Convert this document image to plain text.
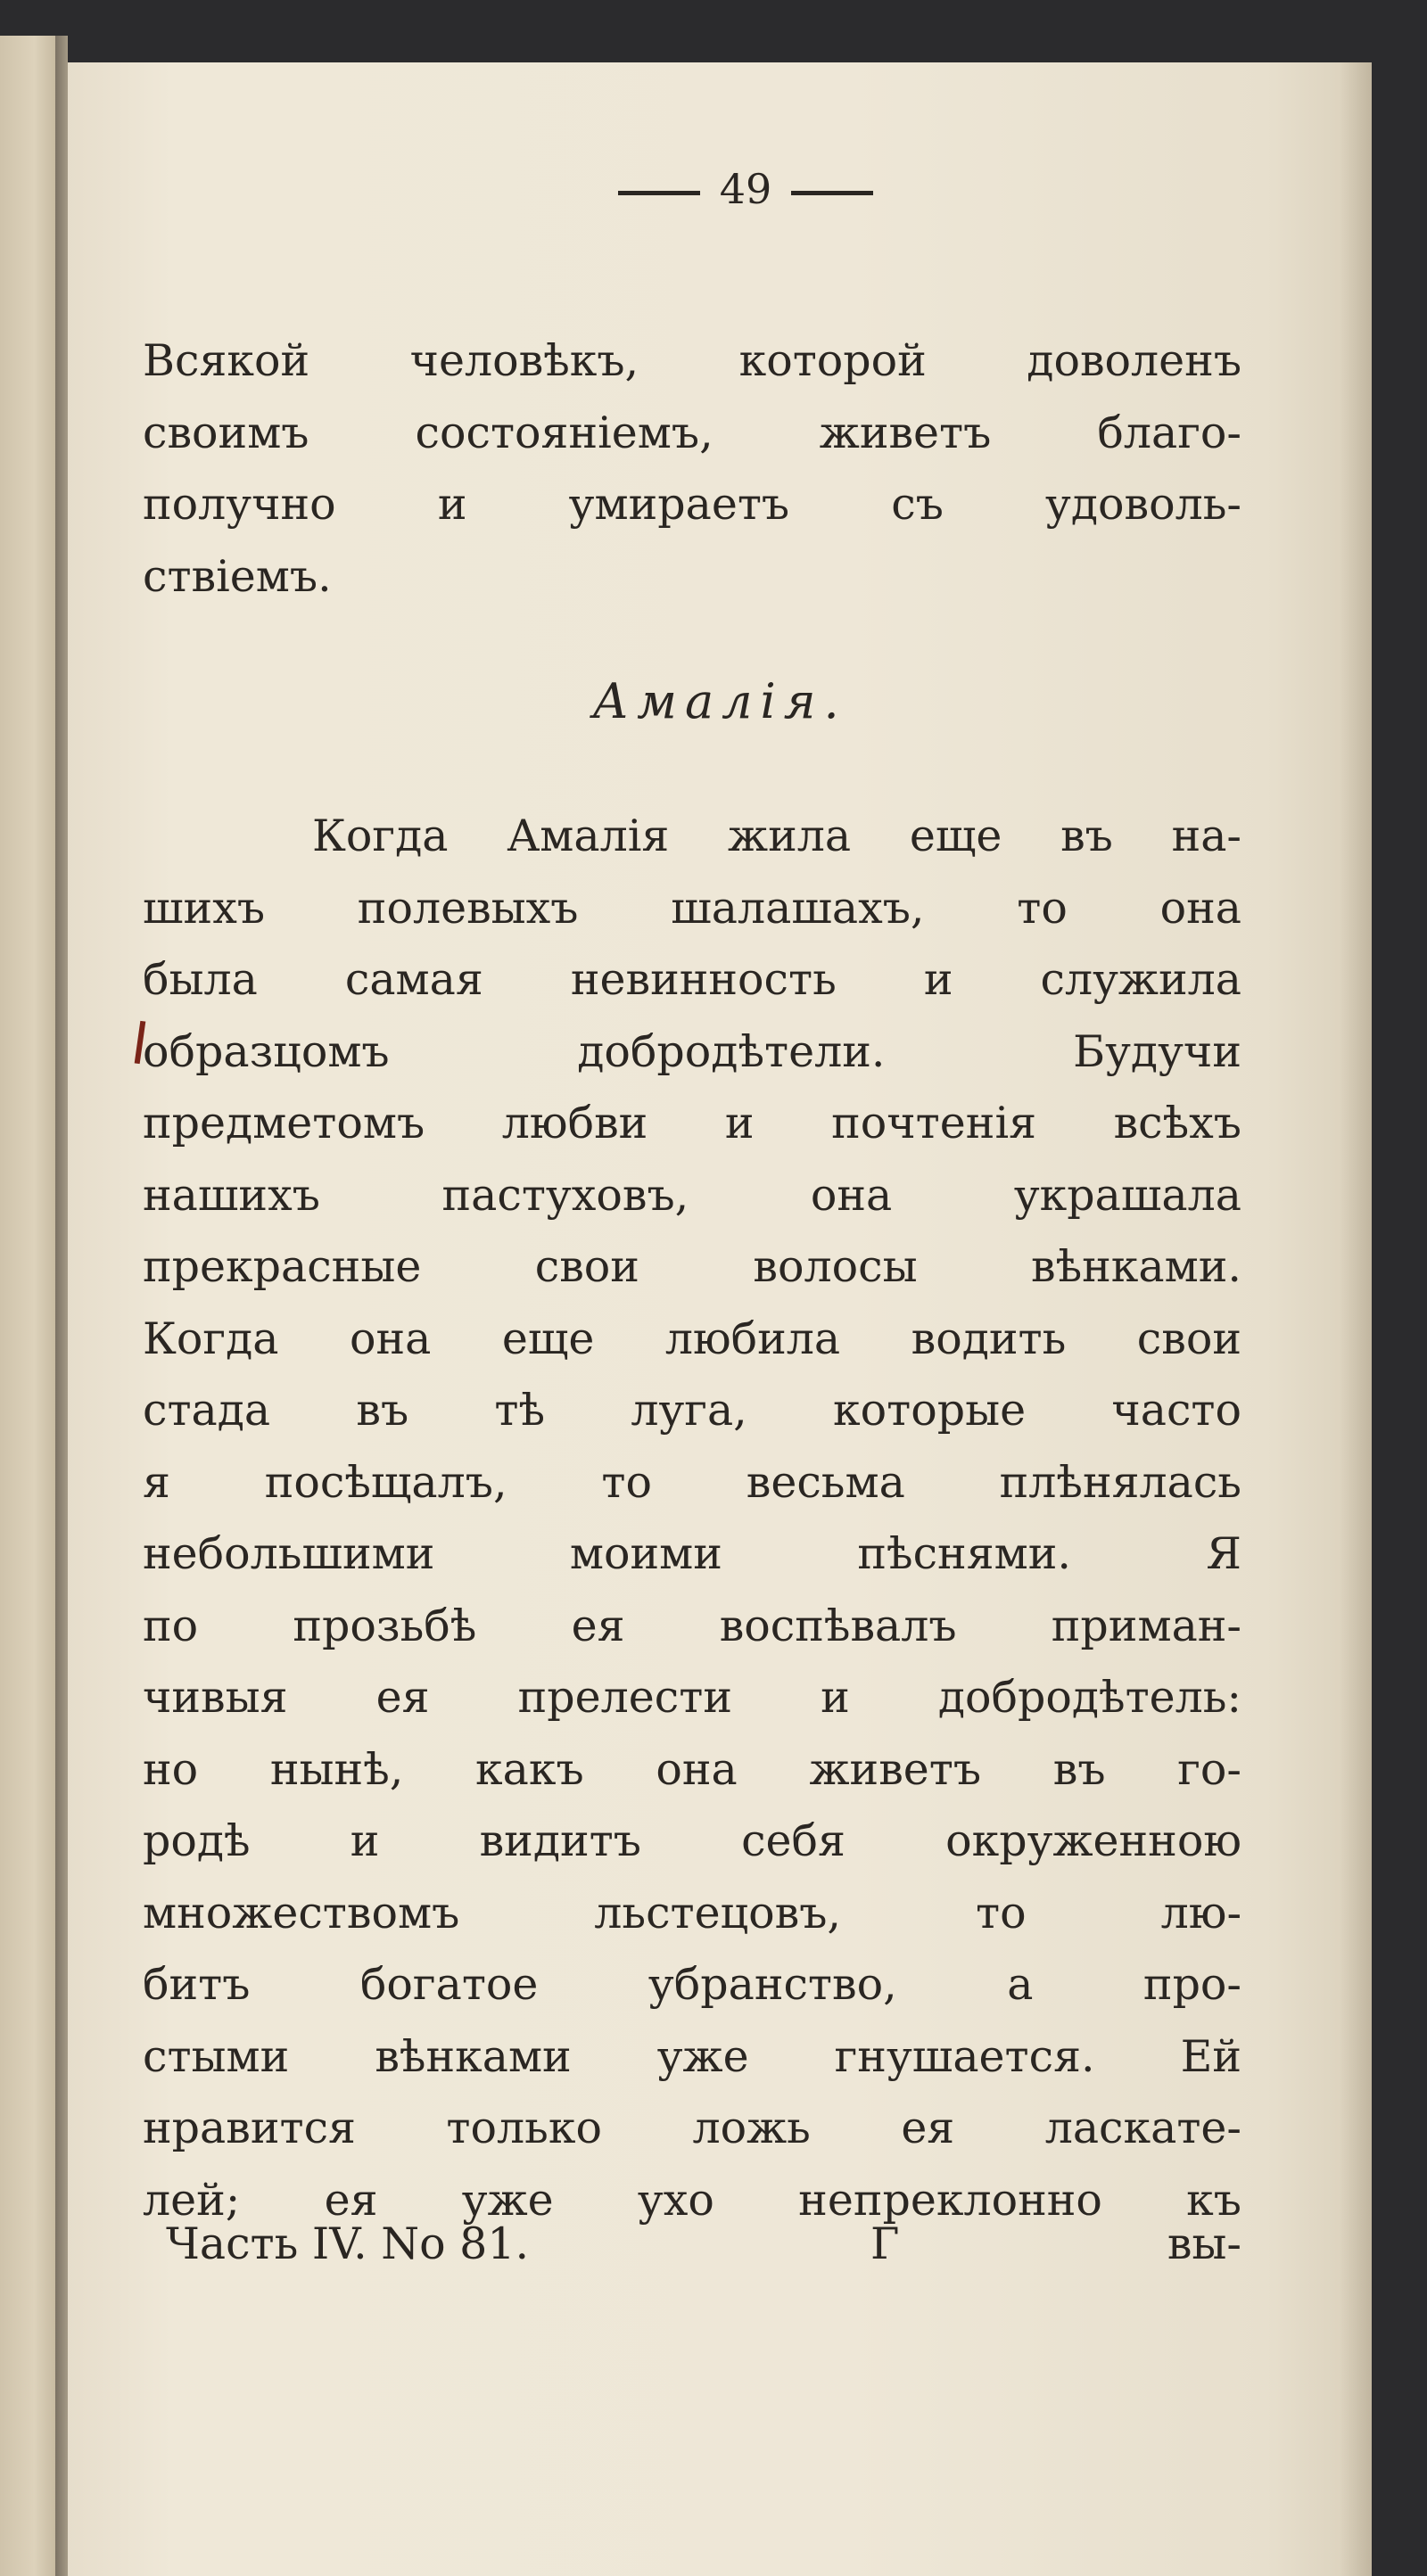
49
Всякой человѣкъ, которой доволенъ
своимъ состояніемъ, живетъ благо-
получно и умираетъ съ удоволь-
ствіемъ.
Амалія.
Когда Амалія жила еще въ на-
шихъ полевыхъ шалашахъ, то она
была самая невинность и служила
образцомъ добродѣтели. Будучи
предметомъ любви и почтенія всѣхъ
нашихъ пастуховъ, она украшала
прекрасные свои волосы вѣнками.
Когда она еще любила водить свои
стада въ тѣ луга, которые часто
я посѣщалъ, то весьма плѣнялась
небольшими моими пѣснями. Я
по прозьбѣ ея воспѣвалъ приман-
чивыя ея прелести и добродѣтель:
но нынѣ, какъ она живетъ въ го-
родѣ и видитъ себя окруженною
множествомъ льстецовъ, то лю-
битъ богатое убранство, а про-
стыми вѣнками уже гнушается. Ей
нравится только ложь ея ласкате-
лей; ея уже ухо непреклонно къ
Часть IV. No 81.	Г	вы-
